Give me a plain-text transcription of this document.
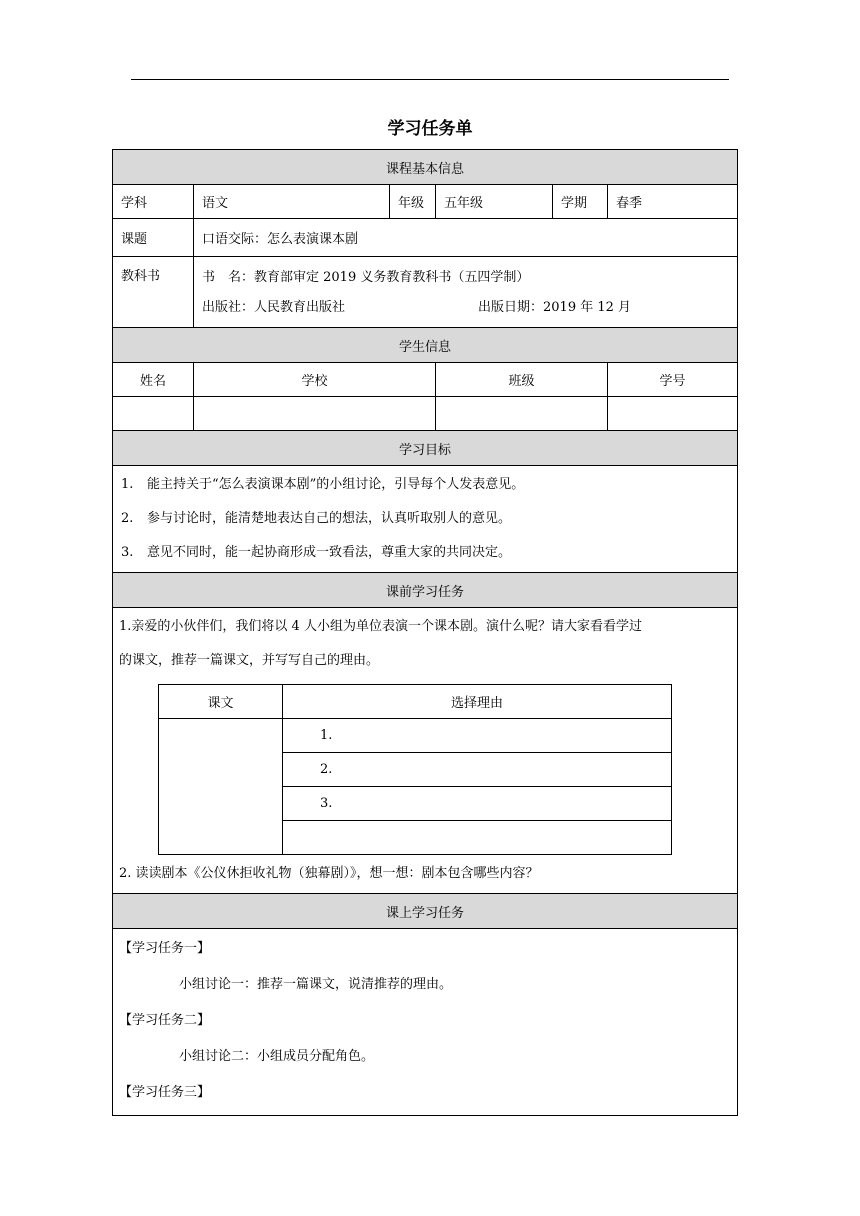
学习任务单
课程基本信息
学科	语文	年级	五年级	学期	春季
课题	口语交际：怎么表演课本剧
教科书	书　名：教育部审定 2019 义务教育教科书（五四学制）
出版社：人民教育出版社	出版日期：2019 年 12 月

学生信息
姓名	学校	班级	学号

学习目标

1. 能主持关于“怎么表演课本剧”的小组讨论，引导每个人发表意见。
2. 参与讨论时，能清楚地表达自己的想法，认真听取别人的意见。
3. 意见不同时，能一起协商形成一致看法，尊重大家的共同决定。

课前学习任务

1.亲爱的小伙伴们，我们将以 4 人小组为单位表演一个课本剧。演什么呢？请大家看看学过
的课文，推荐一篇课文，并写写自己的理由。
课文	选择理由
	1.
2.
3.

2. 读读剧本《公仪休拒收礼物（独幕剧）》，想一想：剧本包含哪些内容？

课上学习任务

【学习任务一】
小组讨论一：推荐一篇课文，说清推荐的理由。
【学习任务二】
小组讨论二：小组成员分配角色。
【学习任务三】
